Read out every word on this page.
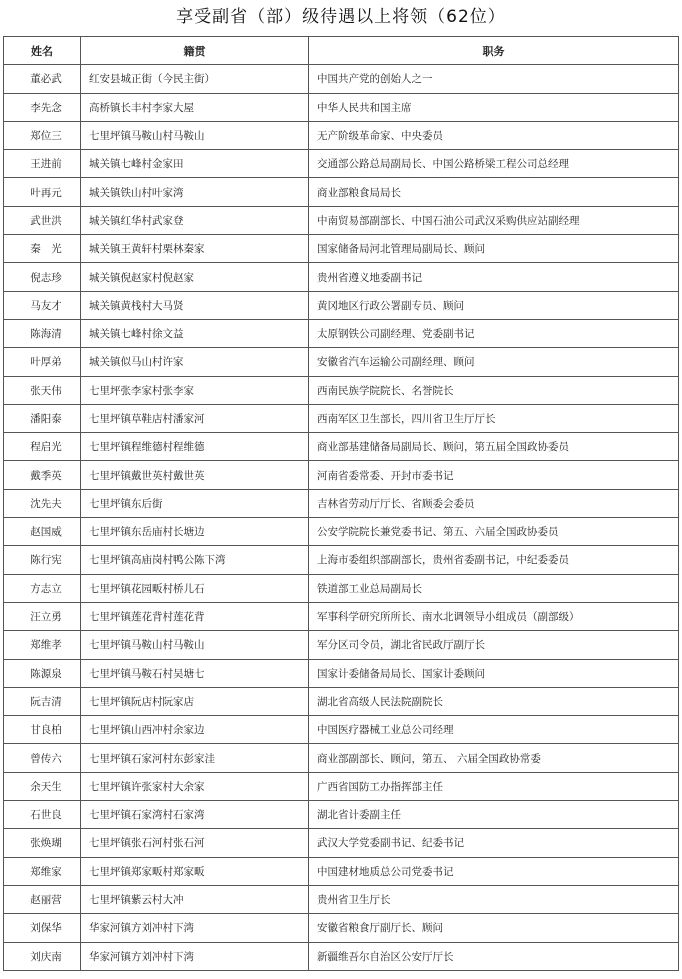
享受副省（部）级待遇以上将领（62位）
姓名	籍贯	职务
董必武	红安县城正街（今民主街）	中国共产党的创始人之一
李先念	高桥镇长丰村李家大屋	中华人民共和国主席
郑位三	七里坪镇马鞍山村马鞍山	无产阶级革命家、中央委员
王进前	城关镇七峰村金家田	交通部公路总局副局长、中国公路桥梁工程公司总经理
叶再元	城关镇铁山村叶家湾	商业部粮食局局长
武世洪	城关镇红华村武家登	中南贸易部副部长、中国石油公司武汉采购供应站副经理
秦　光	城关镇王黄轩村栗林秦家	国家储备局河北管理局副局长、顾问
倪志珍	城关镇倪赵家村倪赵家	贵州省遵义地委副书记
马友才	城关镇黄栈村大马贤	黄冈地区行政公署副专员、顾问
陈海清	城关镇七峰村徐文益	太原钢铁公司副经理、党委副书记
叶厚弟	城关镇似马山村许家	安徽省汽车运输公司副经理、顾问
张天伟	七里坪张李家村张李家	西南民族学院院长、名誉院长
潘阳泰	七里坪镇草鞋店村潘家河	西南军区卫生部长，四川省卫生厅厅长
程启光	七里坪镇程维德村程维德	商业部基建储备局副局长、顾问，第五届全国政协委员
戴季英	七里坪镇戴世英村戴世英	河南省委常委、开封市委书记
沈先夫	七里坪镇东后街	吉林省劳动厅厅长、省顾委会委员
赵国威	七里坪镇东岳庙村长塘边	公安学院院长兼党委书记、第五、六届全国政协委员
陈行宪	七里坪镇高庙岗村鸭公陈下湾	上海市委组织部副部长，贵州省委副书记，中纪委委员
方志立	七里坪镇花园畈村桥儿石	铁道部工业总局副局长
汪立勇	七里坪镇莲花背村莲花背	军事科学研究所所长、南水北调领导小组成员（副部级）
郑维孝	七里坪镇马鞍山村马鞍山	军分区司令员，湖北省民政厅副厅长
陈源泉	七里坪镇马鞍石村吴塘七	国家计委储备局局长、国家计委顾问
阮吉清	七里坪镇阮店村阮家店	湖北省高级人民法院副院长
甘良柏	七里坪镇山西冲村余家边	中国医疗器械工业总公司经理
曾传六	七里坪镇石家河村东彭家洼	商业部副部长、顾问，第五、 六届全国政协常委
余天生	七里坪镇许张家村大余家	广西省国防工办指挥部主任
石世良	七里坪镇石家湾村石家湾	湖北省计委副主任
张焕瑚	七里坪镇张石河村张石河	武汉大学党委副书记、纪委书记
郑维家	七里坪镇郑家畈村郑家畈	中国建材地质总公司党委书记
赵丽营	七里坪镇紫云村大冲	贵州省卫生厅长
刘保华	华家河镇方刘冲村下湾	安徽省粮食厅副厅长、顾问
刘庆南	华家河镇方刘冲村下湾	新疆维吾尔自治区公安厅厅长
